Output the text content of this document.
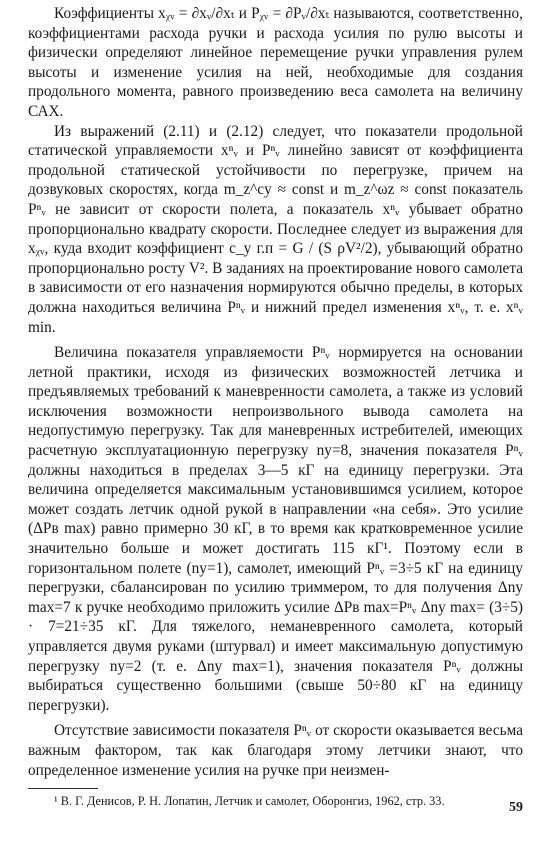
Коэффициенты xᵪᵥ = ∂xᵥ/∂xₜ и Pᵪᵥ = ∂Pᵥ/∂xₜ называются, соответственно, коэффициентами расхода ручки и расхода усилия по рулю высоты и физически определяют линейное перемещение ручки управления рулем высоты и изменение усилия на ней, необходимые для создания продольного момента, равного произведению веса самолета на величину САХ.

Из выражений (2.11) и (2.12) следует, что показатели продольной статической управляемости xⁿᵥ и Pⁿᵥ линейно зависят от коэффициента продольной статической устойчивости по перегрузке, причем на дозвуковых скоростях, когда m_z^cy ≈ const и m_z^ωz ≈ const показатель Pⁿᵥ не зависит от скорости полета, а показатель xⁿᵥ убывает обратно пропорционально квадрату скорости. Последнее следует из выражения для xᵪᵥ, куда входит коэффициент c_у г.п = G / (S ρV²/2), убывающий обратно пропорционально росту V². В заданиях на проектирование нового самолета в зависимости от его назначения нормируются обычно пределы, в которых должна находиться величина Pⁿᵥ и нижний предел изменения xⁿᵥ, т. е. xⁿᵥ min.

Величина показателя управляемости Pⁿᵥ нормируется на основании летной практики, исходя из физических возможностей летчика и предъявляемых требований к маневренности самолета, а также из условий исключения возможности непроизвольного вывода самолета на недопустимую перегрузку. Так для маневренных истребителей, имеющих расчетную эксплуатационную перегрузку nу=8, значения показателя Pⁿᵥ должны находиться в пределах 3—5 кГ на единицу перегрузки. Эта величина определяется максимальным установившимся усилием, которое может создать летчик одной рукой в направлении «на себя». Это усилие (ΔPв max) равно примерно 30 кГ, в то время как кратковременное усилие значительно больше и может достигать 115 кГ¹. Поэтому если в горизонтальном полете (nу=1), самолет, имеющий Pⁿᵥ =3÷5 кГ на единицу перегрузки, сбалансирован по усилию триммером, то для получения Δnу max=7 к ручке необходимо приложить усилие ΔPв max=Pⁿᵥ Δnу max= (3÷5) · 7=21÷35 кГ. Для тяжелого, неманевренного самолета, который управляется двумя руками (штурвал) и имеет максимальную допустимую перегрузку nу=2 (т. е. Δnу max=1), значения показателя Pⁿᵥ должны выбираться существенно большими (свыше 50÷80 кГ на единицу перегрузки).

Отсутствие зависимости показателя Pⁿᵥ от скорости оказывается весьма важным фактором, так как благодаря этому летчики знают, что определенное изменение усилия на ручке при неизмен-

¹ В. Г. Денисов, Р. Н. Лопатин, Летчик и самолет, Оборонгиз, 1962, стр. 33.	59
